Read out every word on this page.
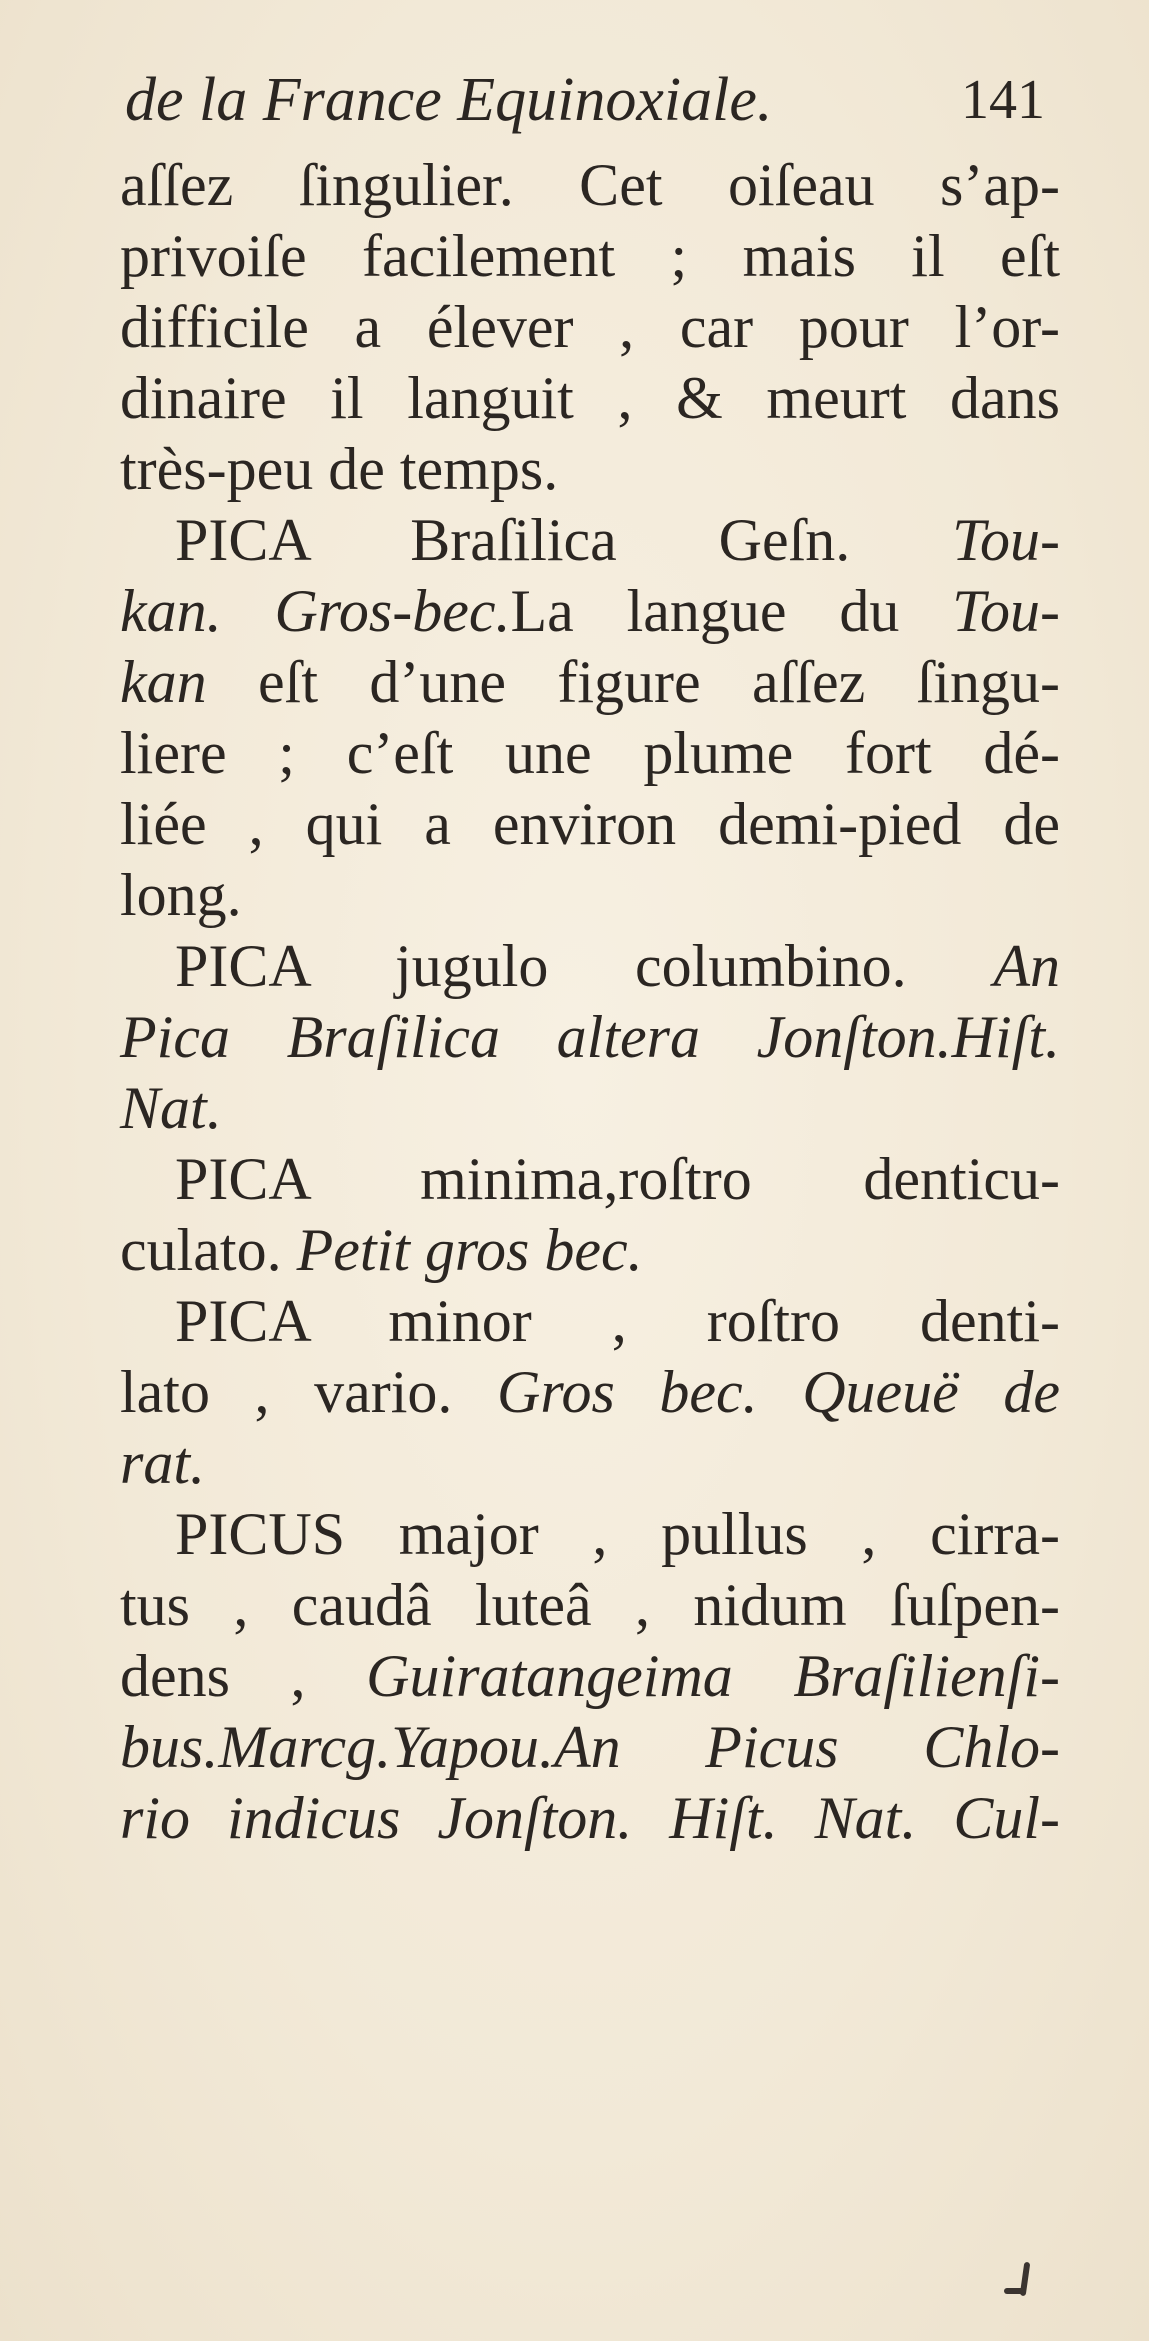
de la France Equinoxiale.	141
aſſez ſingulier. Cet oiſeau s’ap-
privoiſe facilement ; mais il eſt
difficile a élever , car pour l’or-
dinaire il languit , & meurt dans
très-peu de temps.
PICA Braſilica Geſn. Tou-
kan. Gros-bec.La langue du Tou-
kan eſt d’une figure aſſez ſingu-
liere ; c’eſt une plume fort dé-
liée , qui a environ demi-pied de
long.
PICA jugulo columbino. An
Pica Braſilica altera Jonſton.Hiſt.
Nat.
PICA minima,roſtro denticu-
culato. Petit gros bec.
PICA minor , roſtro denti-
lato , vario. Gros bec. Queuë de
rat.
PICUS major , pullus , cirra-
tus , caudâ luteâ , nidum ſuſpen-
dens , Guiratangeima Braſilienſi-
bus.Marcg.Yapou.An Picus Chlo-
rio indicus Jonſton. Hiſt. Nat. Cul-
